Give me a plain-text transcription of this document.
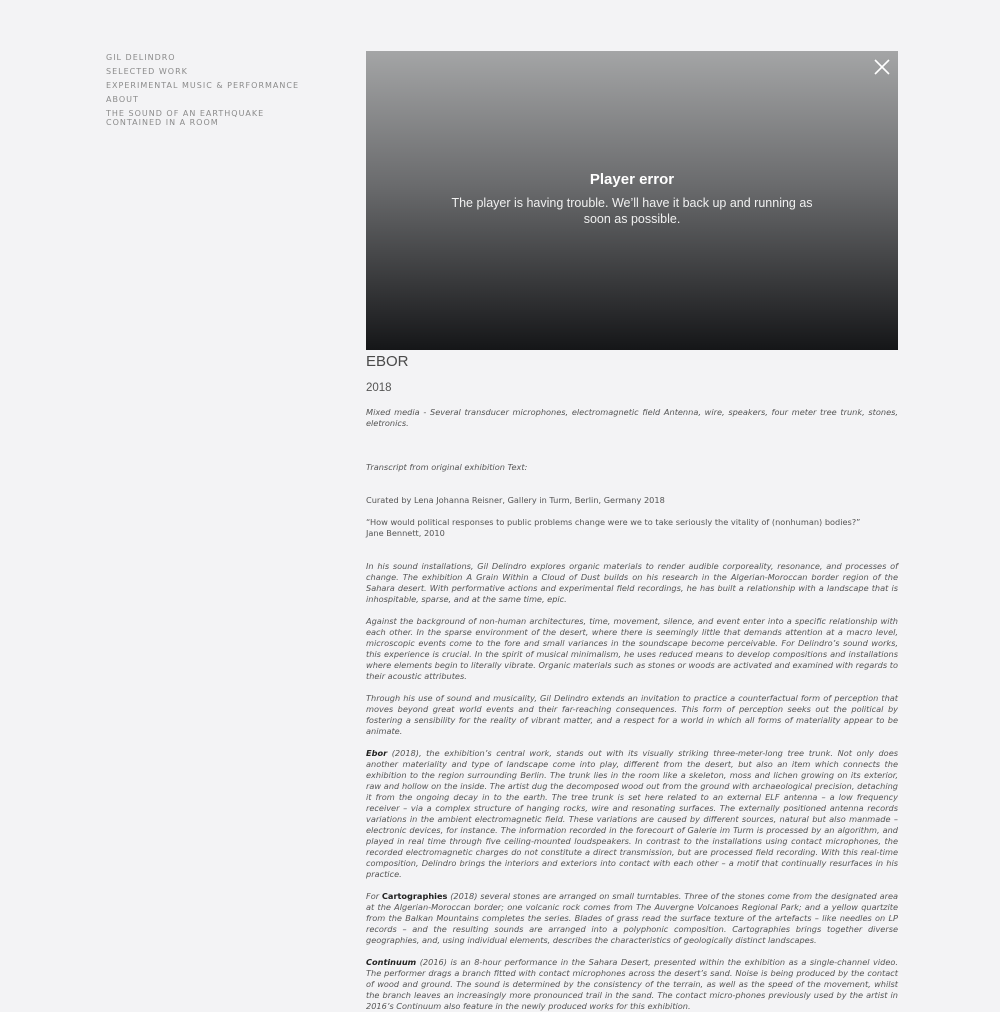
GIL DELINDRO
SELECTED WORK
EXPERIMENTAL MUSIC & PERFORMANCE
ABOUT
THE SOUND OF AN EARTHQUAKE CONTAINED IN A ROOM
Player error
The player is having trouble. We’ll have it back up and running as soon as possible.
EBOR
2018

Mixed media - Several transducer microphones, electromagnetic field Antenna, wire, speakers, four meter tree trunk, stones, eletronics.

Transcript from original exhibition Text:

Curated by Lena Johanna Reisner, Gallery in Turm, Berlin, Germany 2018

“How would political responses to public problems change were we to take seriously the vitality of (nonhuman) bodies?”

Jane Bennett, 2010

In his sound installations, Gil Delindro explores organic materials to render audible corporeality, resonance, and processes of change. The exhibition A Grain Within a Cloud of Dust builds on his research in the Algerian-Moroccan border region of the Sahara desert. With performative actions and experimental field recordings, he has built a relationship with a landscape that is inhospitable, sparse, and at the same time, epic.

Against the background of non-human architectures, time, movement, silence, and event enter into a specific relationship with each other. In the sparse environment of the desert, where there is seemingly little that demands attention at a macro level, microscopic events come to the fore and small variances in the soundscape become perceivable. For Delindro’s sound works, this experience is crucial. In the spirit of musical minimalism, he uses reduced means to develop compositions and installations where elements begin to literally vibrate. Organic materials such as stones or woods are activated and examined with regards to their acoustic attributes.

Through his use of sound and musicality, Gil Delindro extends an invitation to practice a counterfactual form of perception that moves beyond great world events and their far-reaching consequences. This form of perception seeks out the political by fostering a sensibility for the reality of vibrant matter, and a respect for a world in which all forms of materiality appear to be animate.

Ebor (2018), the exhibition’s central work, stands out with its visually striking three-meter-long tree trunk. Not only does another materiality and type of landscape come into play, different from the desert, but also an item which connects the exhibition to the region surrounding Berlin. The trunk lies in the room like a skeleton, moss and lichen growing on its exterior, raw and hollow on the inside. The artist dug the decomposed wood out from the ground with archaeological precision, detaching it from the ongoing decay in to the earth. The tree trunk is set here related to an external ELF antenna – a low frequency receiver – via a complex structure of hanging rocks, wire and resonating surfaces. The externally positioned antenna records variations in the ambient electromagnetic field. These variations are caused by different sources, natural but also manmade – electronic devices, for instance. The information recorded in the forecourt of Galerie im Turm is processed by an algorithm, and played in real time through five ceiling-mounted loudspeakers. In contrast to the installations using contact microphones, the recorded electromagnetic charges do not constitute a direct transmission, but are processed field recording. With this real-time composition, Delindro brings the interiors and exteriors into contact with each other – a motif that continually resurfaces in his practice.

For Cartographies (2018) several stones are arranged on small turntables. Three of the stones come from the designated area at the Algerian-Moroccan border; one volcanic rock comes from The Auvergne Volcanoes Regional Park; and a yellow quartzite from the Balkan Mountains completes the series. Blades of grass read the surface texture of the artefacts – like needles on LP records – and the resulting sounds are arranged into a polyphonic composition. Cartographies brings together diverse geographies, and, using individual elements, describes the characteristics of geologically distinct landscapes.

Continuum (2016) is an 8-hour performance in the Sahara Desert, presented within the exhibition as a single-channel video. The performer drags a branch fitted with contact microphones across the desert’s sand. Noise is being produced by the contact of wood and ground. The sound is determined by the consistency of the terrain, as well as the speed of the movement, whilst the branch leaves an increasingly more pronounced trail in the sand. The contact micro-phones previously used by the artist in 2016’s Continuum also feature in the newly produced works for this exhibition.
